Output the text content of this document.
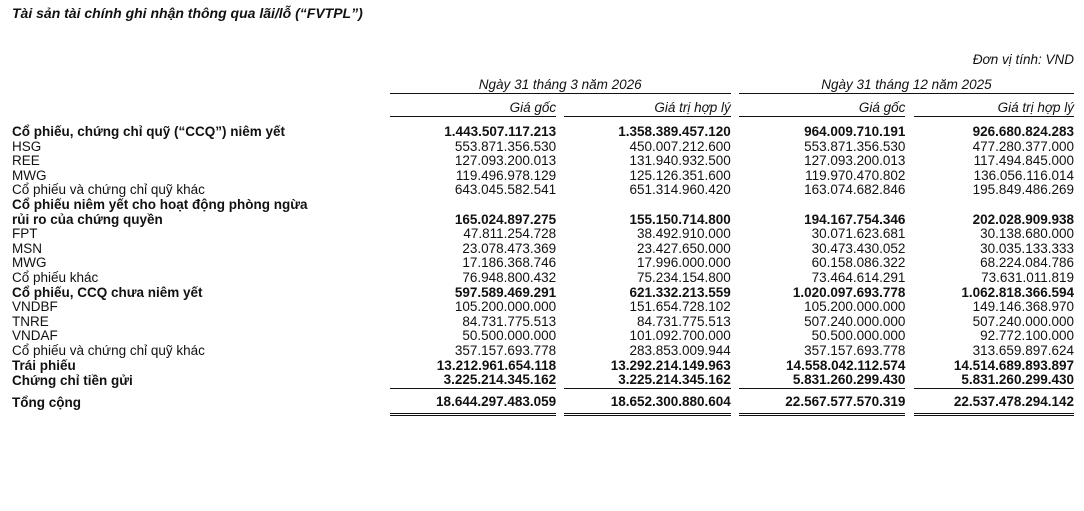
Tài sản tài chính ghi nhận thông qua lãi/lỗ (“FVTPL”)
Đơn vị tính: VND
	Ngày 31 tháng 3 năm 2026				Ngày 31 tháng 12 năm 2025		
	Giá gốc		Giá trị hợp lý		Giá gốc		Giá trị hợp lý

Cổ phiếu, chứng chỉ quỹ (“CCQ”) niêm yết	1.443.507.117.213		1.358.389.457.120		964.009.710.191		926.680.824.283
HSG	553.871.356.530		450.007.212.600		553.871.356.530		477.280.377.000
REE	127.093.200.013		131.940.932.500		127.093.200.013		117.494.845.000
MWG	119.496.978.129		125.126.351.600		119.970.470.802		136.056.116.014
Cổ phiếu và chứng chỉ quỹ khác	643.045.582.541		651.314.960.420		163.074.682.846		195.849.486.269
Cổ phiếu niêm yết cho hoạt động phòng ngừa							
rủi ro của chứng quyền	165.024.897.275		155.150.714.800		194.167.754.346		202.028.909.938
FPT	47.811.254.728		38.492.910.000		30.071.623.681		30.138.680.000
MSN	23.078.473.369		23.427.650.000		30.473.430.052		30.035.133.333
MWG	17.186.368.746		17.996.000.000		60.158.086.322		68.224.084.786
Cổ phiếu khác	76.948.800.432		75.234.154.800		73.464.614.291		73.631.011.819
Cổ phiếu, CCQ chưa niêm yết	597.589.469.291		621.332.213.559		1.020.097.693.778		1.062.818.366.594
VNDBF	105.200.000.000		151.654.728.102		105.200.000.000		149.146.368.970
TNRE	84.731.775.513		84.731.775.513		507.240.000.000		507.240.000.000
VNDAF	50.500.000.000		101.092.700.000		50.500.000.000		92.772.100.000
Cổ phiếu và chứng chỉ quỹ khác	357.157.693.778		283.853.009.944		357.157.693.778		313.659.897.624
Trái phiếu	13.212.961.654.118		13.292.214.149.963		14.558.042.112.574		14.514.689.893.897
Chứng chỉ tiền gửi	3.225.214.345.162		3.225.214.345.162		5.831.260.299.430		5.831.260.299.430
Tổng cộng	18.644.297.483.059		18.652.300.880.604		22.567.577.570.319		22.537.478.294.142
